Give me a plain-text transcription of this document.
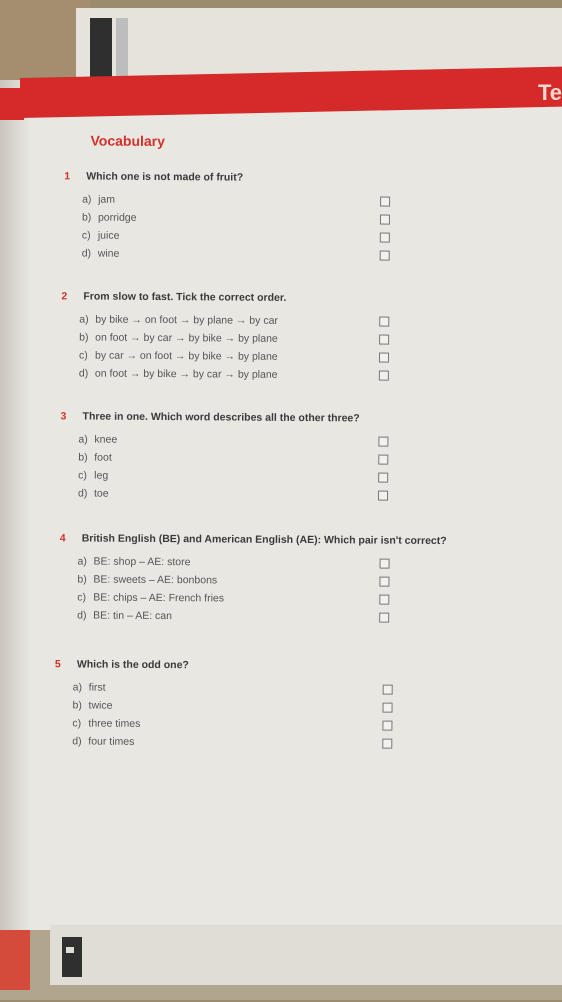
Te
Vocabulary
1	Which one is not made of fruit?
a) jam
b) porridge
c) juice
d) wine
2	From slow to fast. Tick the correct order.
a) by bike → on foot → by plane → by car
b) on foot → by car → by bike → by plane
c) by car → on foot → by bike → by plane
d) on foot → by bike → by car → by plane
3	Three in one. Which word describes all the other three?
a) knee
b) foot
c) leg
d) toe
4	British English (BE) and American English (AE): Which pair isn't correct?
a) BE: shop – AE: store
b) BE: sweets – AE: bonbons
c) BE: chips – AE: French fries
d) BE: tin – AE: can
5	Which is the odd one?
a) first
b) twice
c) three times
d) four times
